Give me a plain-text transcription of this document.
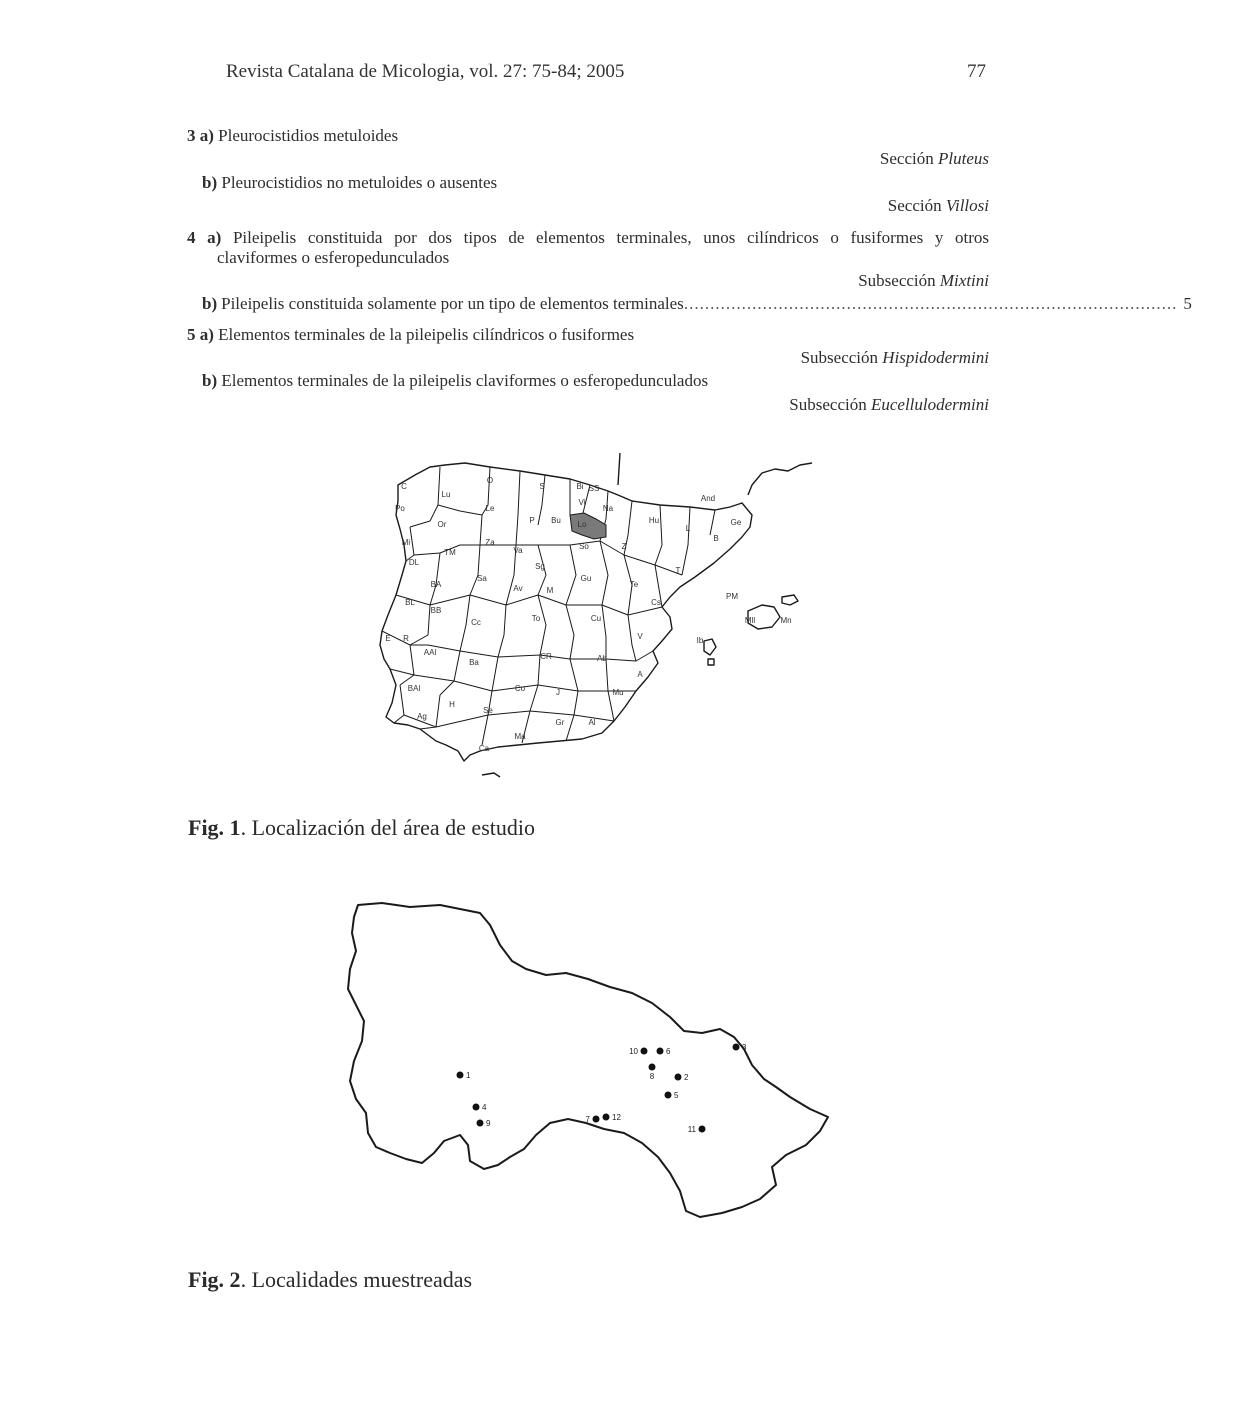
Revista Catalana de Micologia, vol. 27: 75-84; 2005	77
3 a) Pleurocistidios metuloides
Sección Pluteus
b) Pleurocistidios no metuloides o ausentes
Sección Villosi
4 a) Pileipelis constituida por dos tipos de elementos terminales, unos cilíndricos o fusiformes y otros
claviformes o esferopedunculados
Subsección Mixtini
b) Pileipelis constituida solamente por un tipo de elementos terminales .............................................................................................. 5
5 a) Elementos terminales de la pileipelis cilíndricos o fusiformes
Subsección Hispidodermini
b) Elementos terminales de la pileipelis claviformes o esferopedunculados
Subsección Eucellulodermini
C
Lu
O
S	Bi SS
Vi
Na
Po	Le
P Bu Lo	Hu
And
Ge
Or
Za	So	Z
L
B
Mi
TM	Va
Sg
DL
Sa	Gu
Te
T
BA	Av	M
BL
BB
Cs
PM
Cc	To	Cu	Mll	Mn
E R	V	Ib
AAl	CR	Ab
Ba
A
BAl	Co	J	Mu
H
Se
Ag
Gr	Al
Ma
Ca
Fig. 1. Localización del área de estudio
1	2
3
4
5
6
7
8
9
10
11
12
Fig. 2. Localidades muestreadas
